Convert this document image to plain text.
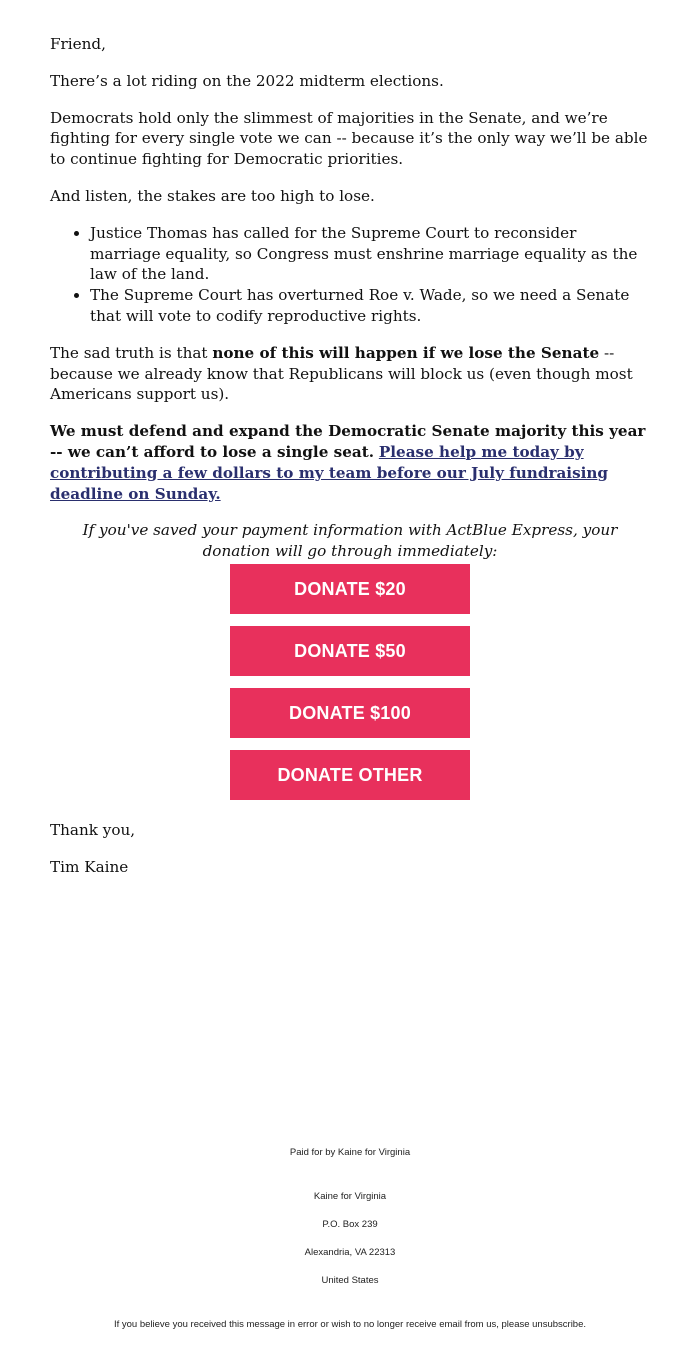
Friend,

There’s a lot riding on the 2022 midterm elections.

Democrats hold only the slimmest of majorities in the Senate, and we’re fighting for every single vote we can -- because it’s the only way we’ll be able to continue fighting for Democratic priorities.

And listen, the stakes are too high to lose.

• Justice Thomas has called for the Supreme Court to reconsider marriage equality, so Congress must enshrine marriage equality as the law of the land.
• The Supreme Court has overturned Roe v. Wade, so we need a Senate that will vote to codify reproductive rights.

The sad truth is that none of this will happen if we lose the Senate -- because we already know that Republicans will block us (even though most Americans support us).

We must defend and expand the Democratic Senate majority this year -- we can’t afford to lose a single seat. Please help me today by contributing a few dollars to my team before our July fundraising deadline on Sunday.

If you've saved your payment information with ActBlue Express, your donation will go through immediately:

DONATE $20
DONATE $50
DONATE $100
DONATE OTHER

Thank you,

Tim Kaine

Paid for by Kaine for Virginia
Kaine for Virginia
P.O. Box 239
Alexandria, VA 22313
United States
If you believe you received this message in error or wish to no longer receive email from us, please unsubscribe.
